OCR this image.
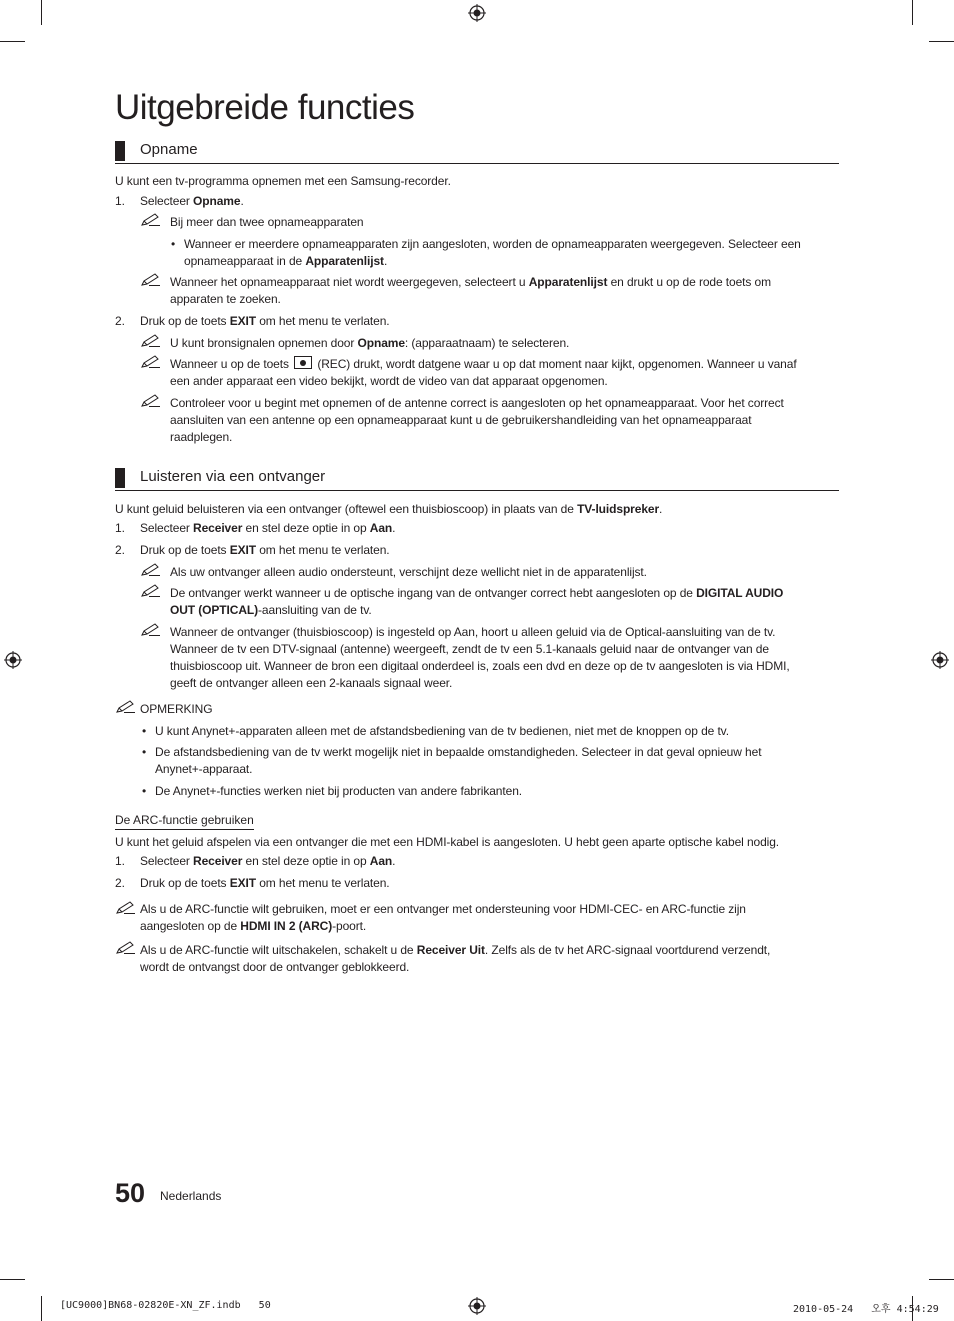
Uitgebreide functies
Opname
U kunt een tv-programma opnemen met een Samsung-recorder.
1. Selecteer Opname.
Bij meer dan twee opnameapparaten
• Wanneer er meerdere opnameapparaten zijn aangesloten, worden de opnameapparaten weergegeven. Selecteer een
opnameapparaat in de Apparatenlijst.
Wanneer het opnameapparaat niet wordt weergegeven, selecteert u Apparatenlijst en drukt u op de rode toets om
apparaten te zoeken.
2. Druk op de toets EXIT om het menu te verlaten.
U kunt bronsignalen opnemen door Opname: (apparaatnaam) te selecteren.
Wanneer u op de toets  (REC) drukt, wordt datgene waar u op dat moment naar kijkt, opgenomen. Wanneer u vanaf
een ander apparaat een video bekijkt, wordt de video van dat apparaat opgenomen.
Controleer voor u begint met opnemen of de antenne correct is aangesloten op het opnameapparaat. Voor het correct
aansluiten van een antenne op een opnameapparaat kunt u de gebruikershandleiding van het opnameapparaat
raadplegen.
Luisteren via een ontvanger
U kunt geluid beluisteren via een ontvanger (oftewel een thuisbioscoop) in plaats van de TV-luidspreker.
1. Selecteer Receiver en stel deze optie in op Aan.
2. Druk op de toets EXIT om het menu te verlaten.
Als uw ontvanger alleen audio ondersteunt, verschijnt deze wellicht niet in de apparatenlijst.
De ontvanger werkt wanneer u de optische ingang van de ontvanger correct hebt aangesloten op de DIGITAL AUDIO
OUT (OPTICAL)-aansluiting van de tv.
Wanneer de ontvanger (thuisbioscoop) is ingesteld op Aan, hoort u alleen geluid via de Optical-aansluiting van de tv.
Wanneer de tv een DTV-signaal (antenne) weergeeft, zendt de tv een 5.1-kanaals geluid naar de ontvanger van de
thuisbioscoop uit. Wanneer de bron een digitaal onderdeel is, zoals een dvd en deze op de tv aangesloten is via HDMI,
geeft de ontvanger alleen een 2-kanaals signaal weer.
OPMERKING
• U kunt Anynet+-apparaten alleen met de afstandsbediening van de tv bedienen, niet met de knoppen op de tv.
• De afstandsbediening van de tv werkt mogelijk niet in bepaalde omstandigheden. Selecteer in dat geval opnieuw het
Anynet+-apparaat.
• De Anynet+-functies werken niet bij producten van andere fabrikanten.
De ARC-functie gebruiken
U kunt het geluid afspelen via een ontvanger die met een HDMI-kabel is aangesloten. U hebt geen aparte optische kabel nodig.
1. Selecteer Receiver en stel deze optie in op Aan.
2. Druk op de toets EXIT om het menu te verlaten.
Als u de ARC-functie wilt gebruiken, moet er een ontvanger met ondersteuning voor HDMI-CEC- en ARC-functie zijn
aangesloten op de HDMI IN 2 (ARC)-poort.
Als u de ARC-functie wilt uitschakelen, schakelt u de Receiver Uit. Zelfs als de tv het ARC-signaal voortdurend verzendt,
wordt de ontvangst door de ontvanger geblokkeerd.
50 Nederlands
[UC9000]BN68-02820E-XN_ZF.indb   50	2010-05-24   오후 4:54:29
